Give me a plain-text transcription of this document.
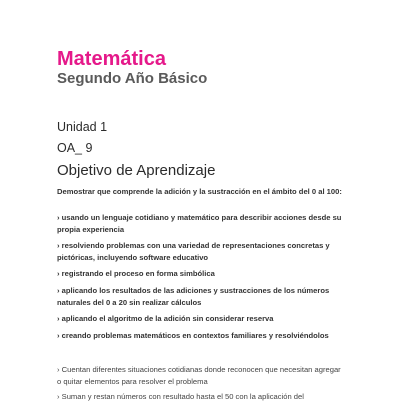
Matemática
Segundo Año Básico
Unidad 1
OA_ 9
Objetivo de Aprendizaje
Demostrar que comprende la adición y la sustracción en el ámbito del 0 al 100:
› usando un lenguaje cotidiano y matemático para describir acciones desde su propia experiencia
› resolviendo problemas con una variedad de representaciones concretas y pictóricas, incluyendo software educativo
› registrando el proceso en forma simbólica
› aplicando los resultados de las adiciones y sustracciones de los números naturales del 0 a 20 sin realizar cálculos
› aplicando el algoritmo de la adición sin considerar reserva
› creando problemas matemáticos en contextos familiares y resolviéndolos
› Cuentan diferentes situaciones cotidianas donde reconocen que necesitan agregar o quitar elementos para resolver el problema
› Suman y restan números con resultado hasta el 50 con la aplicación del
